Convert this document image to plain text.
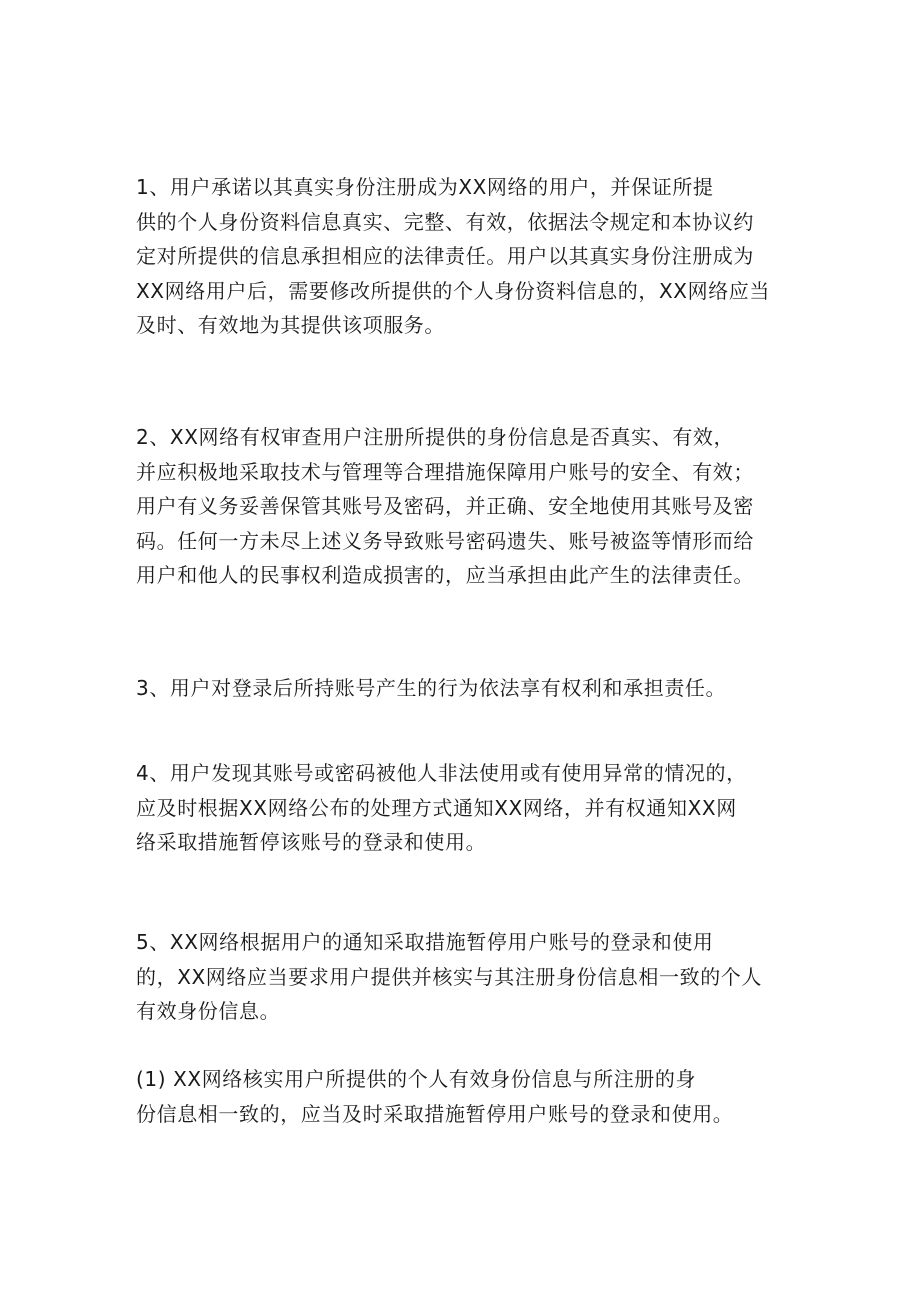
1、用户承诺以其真实身份注册成为XX网络的用户，并保证所提
供的个人身份资料信息真实、完整、有效，依据法令规定和本协议约
定对所提供的信息承担相应的法律责任。用户以其真实身份注册成为
XX网络用户后，需要修改所提供的个人身份资料信息的，XX网络应当
及时、有效地为其提供该项服务。

2、XX网络有权审查用户注册所提供的身份信息是否真实、有效，
并应积极地采取技术与管理等合理措施保障用户账号的安全、有效；
用户有义务妥善保管其账号及密码，并正确、安全地使用其账号及密
码。任何一方未尽上述义务导致账号密码遗失、账号被盗等情形而给
用户和他人的民事权利造成损害的，应当承担由此产生的法律责任。

3、用户对登录后所持账号产生的行为依法享有权利和承担责任。

4、用户发现其账号或密码被他人非法使用或有使用异常的情况的，
应及时根据XX网络公布的处理方式通知XX网络，并有权通知XX网
络采取措施暂停该账号的登录和使用。

5、XX网络根据用户的通知采取措施暂停用户账号的登录和使用
的，XX网络应当要求用户提供并核实与其注册身份信息相一致的个人
有效身份信息。

(1) XX网络核实用户所提供的个人有效身份信息与所注册的身
份信息相一致的，应当及时采取措施暂停用户账号的登录和使用。
